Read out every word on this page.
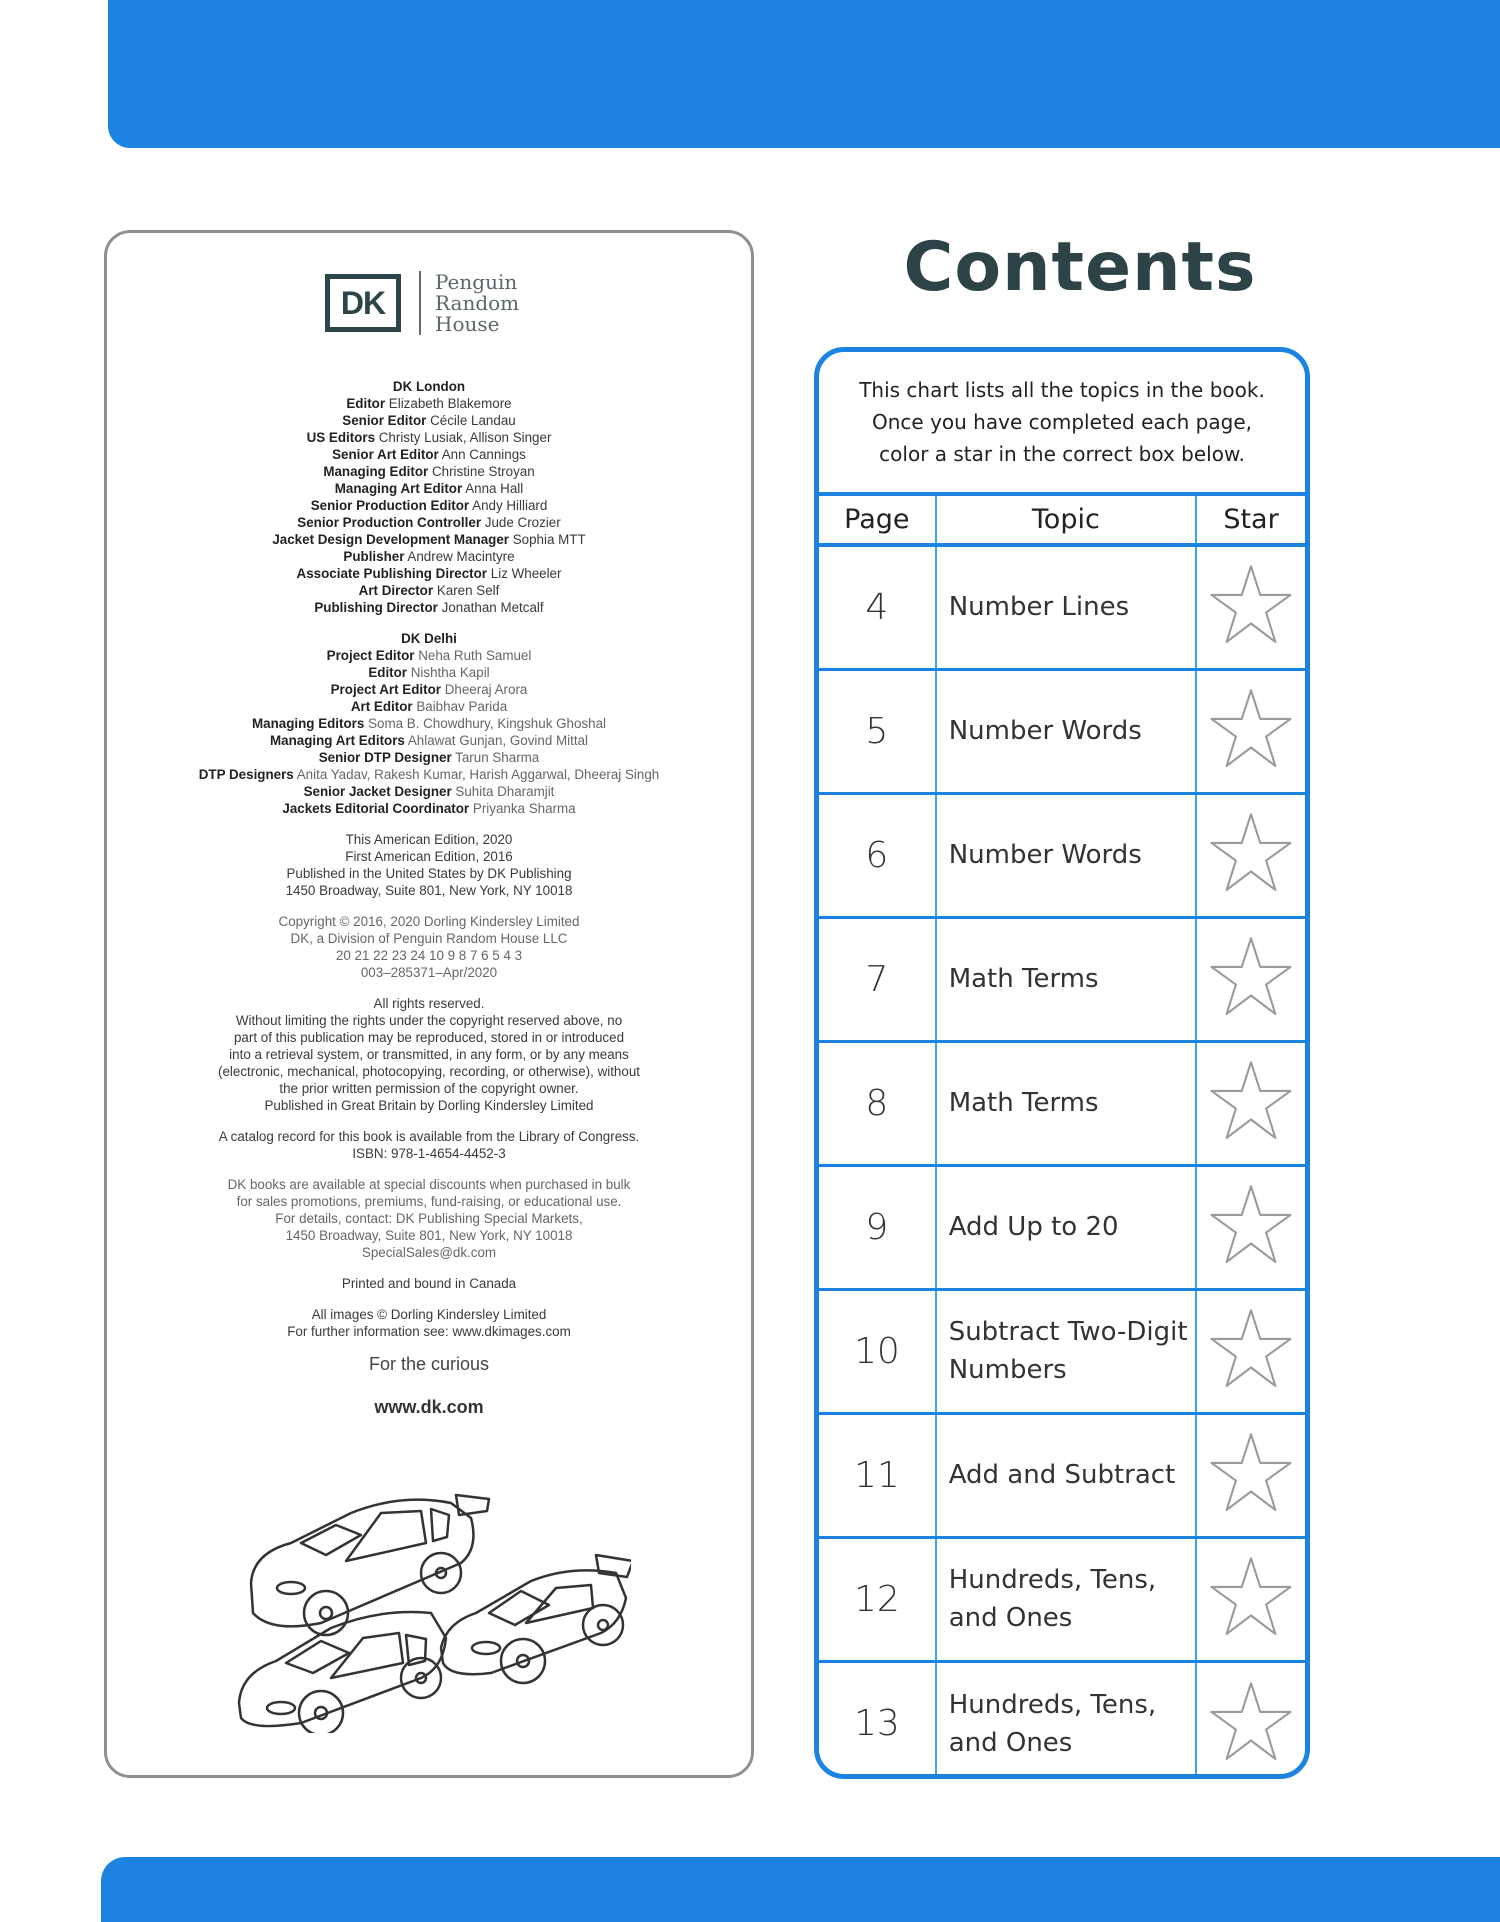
DK
Penguin
Random
House
DK London
Editor Elizabeth Blakemore
Senior Editor Cécile Landau
US Editors Christy Lusiak, Allison Singer
Senior Art Editor Ann Cannings
Managing Editor Christine Stroyan
Managing Art Editor Anna Hall
Senior Production Editor Andy Hilliard
Senior Production Controller Jude Crozier
Jacket Design Development Manager Sophia MTT
Publisher Andrew Macintyre
Associate Publishing Director Liz Wheeler
Art Director Karen Self
Publishing Director Jonathan Metcalf
DK Delhi
Project Editor Neha Ruth Samuel
Editor Nishtha Kapil
Project Art Editor Dheeraj Arora
Art Editor Baibhav Parida
Managing Editors Soma B. Chowdhury, Kingshuk Ghoshal
Managing Art Editors Ahlawat Gunjan, Govind Mittal
Senior DTP Designer Tarun Sharma
DTP Designers Anita Yadav, Rakesh Kumar, Harish Aggarwal, Dheeraj Singh
Senior Jacket Designer Suhita Dharamjit
Jackets Editorial Coordinator Priyanka Sharma
This American Edition, 2020
First American Edition, 2016
Published in the United States by DK Publishing
1450 Broadway, Suite 801, New York, NY 10018
Copyright © 2016, 2020 Dorling Kindersley Limited
DK, a Division of Penguin Random House LLC
20 21 22 23 24 10 9 8 7 6 5 4 3
003–285371–Apr/2020
All rights reserved.
Without limiting the rights under the copyright reserved above, no
part of this publication may be reproduced, stored in or introduced
into a retrieval system, or transmitted, in any form, or by any means
(electronic, mechanical, photocopying, recording, or otherwise), without
the prior written permission of the copyright owner.
Published in Great Britain by Dorling Kindersley Limited
A catalog record for this book is available from the Library of Congress.
ISBN: 978-1-4654-4452-3
DK books are available at special discounts when purchased in bulk
for sales promotions, premiums, fund-raising, or educational use.
For details, contact: DK Publishing Special Markets,
1450 Broadway, Suite 801, New York, NY 10018
SpecialSales@dk.com
Printed and bound in Canada
All images © Dorling Kindersley Limited
For further information see: www.dkimages.com
For the curious
www.dk.com
Contents
This chart lists all the topics in the book.
Once you have completed each page,
color a star in the correct box below.
Page	Topic	Star
4	Number Lines	
5	Number Words	
6	Number Words	
7	Math Terms	
8	Math Terms	
9	Add Up to 20	
10	Subtract Two-Digit Numbers	
11	Add and Subtract	
12	Hundreds, Tens, and Ones	
13	Hundreds, Tens, and Ones	
